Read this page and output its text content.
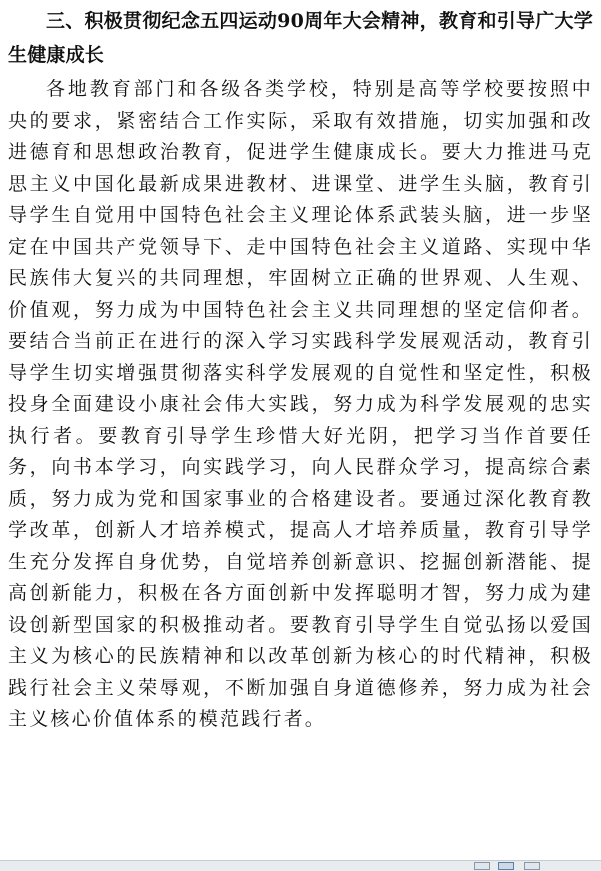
三、积极贯彻纪念五四运动90周年大会精神，教育和引导广大学生健康成长

各地教育部门和各级各类学校，特别是高等学校要按照中央的要求，紧密结合工作实际，采取有效措施，切实加强和改进德育和思想政治教育，促进学生健康成长。要大力推进马克思主义中国化最新成果进教材、进课堂、进学生头脑，教育引导学生自觉用中国特色社会主义理论体系武装头脑，进一步坚定在中国共产党领导下、走中国特色社会主义道路、实现中华民族伟大复兴的共同理想，牢固树立正确的世界观、人生观、价值观，努力成为中国特色社会主义共同理想的坚定信仰者。要结合当前正在进行的深入学习实践科学发展观活动，教育引导学生切实增强贯彻落实科学发展观的自觉性和坚定性，积极投身全面建设小康社会伟大实践，努力成为科学发展观的忠实执行者。要教育引导学生珍惜大好光阴，把学习当作首要任务，向书本学习，向实践学习，向人民群众学习，提高综合素质，努力成为党和国家事业的合格建设者。要通过深化教育教学改革，创新人才培养模式，提高人才培养质量，教育引导学生充分发挥自身优势，自觉培养创新意识、挖掘创新潜能、提高创新能力，积极在各方面创新中发挥聪明才智，努力成为建设创新型国家的积极推动者。要教育引导学生自觉弘扬以爱国主义为核心的民族精神和以改革创新为核心的时代精神，积极践行社会主义荣辱观，不断加强自身道德修养，努力成为社会主义核心价值体系的模范践行者。
